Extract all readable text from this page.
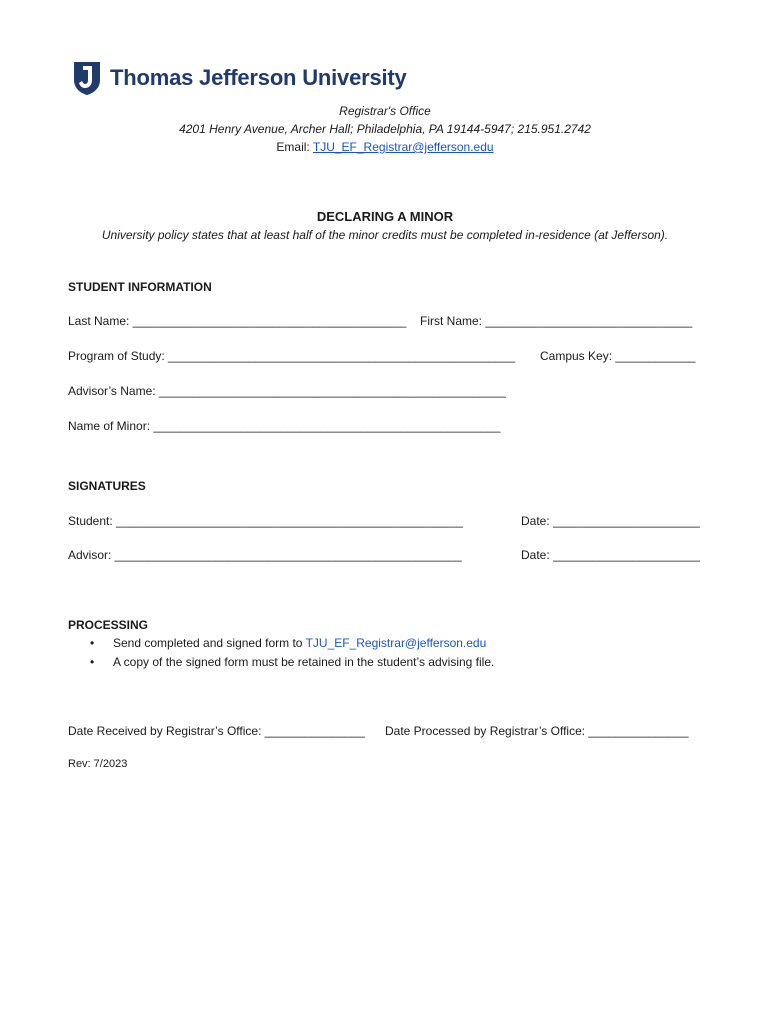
Thomas Jefferson University
Registrar's Office
4201 Henry Avenue, Archer Hall; Philadelphia, PA 19144-5947; 215.951.2742
Email: TJU_EF_Registrar@jefferson.edu
DECLARING A MINOR
University policy states that at least half of the minor credits must be completed in-residence (at Jefferson).
STUDENT INFORMATION
Last Name: _________________________________________ First Name: _______________________________
Program of Study: ____________________________________________________ Campus Key: ____________
Advisor’s Name: ____________________________________________________
Name of Minor: ____________________________________________________
SIGNATURES
Student: ____________________________________________________	Date: ______________________
Advisor: ____________________________________________________	Date: ______________________
PROCESSING
• Send completed and signed form to TJU_EF_Registrar@jefferson.edu
• A copy of the signed form must be retained in the student’s advising file.
Date Received by Registrar’s Office: _______________ Date Processed by Registrar’s Office: _______________
Rev: 7/2023
